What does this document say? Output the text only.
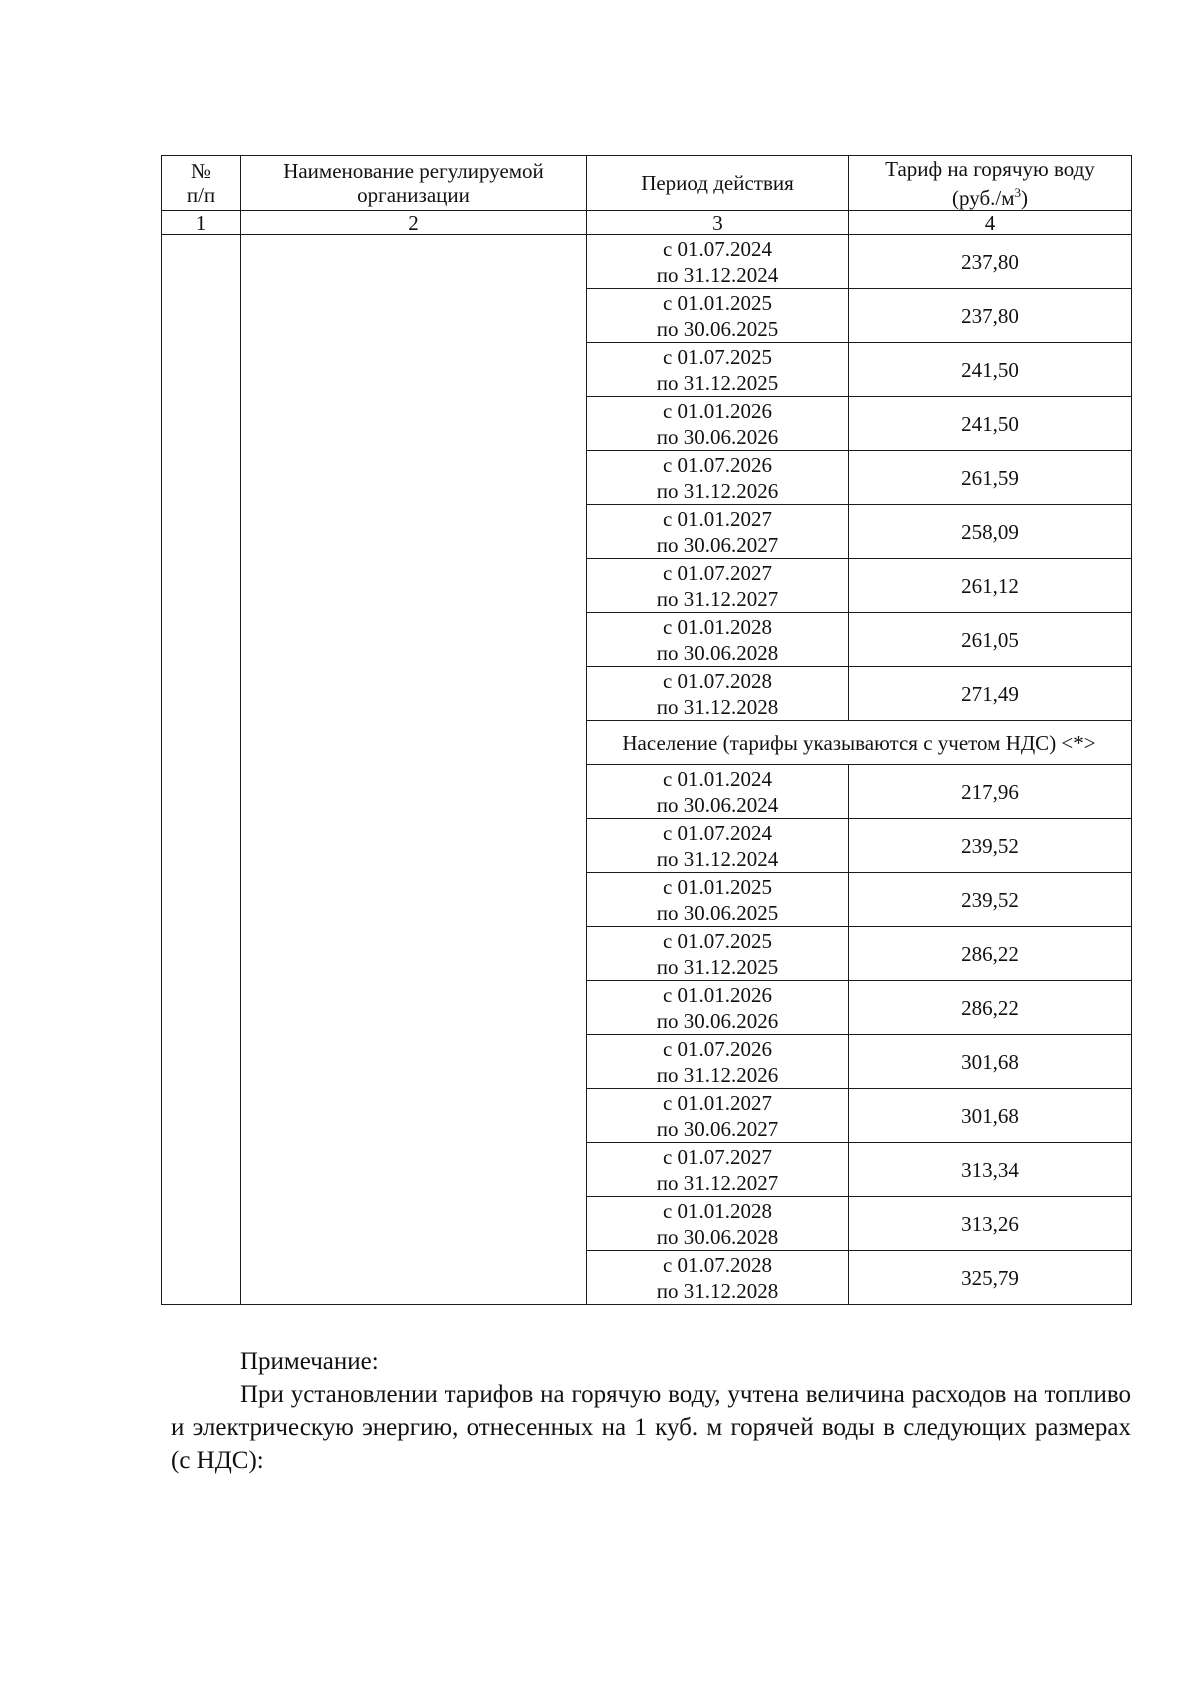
№
п/п	Наименование регулируемой организации	Период действия	Тариф на горячую воду
$(руб./м^3)$
1	2	3	4
		с 01.07.2024
по 31.12.2024	237,80
		с 01.01.2025
по 30.06.2025	237,80
		с 01.07.2025
по 31.12.2025	241,50
		с 01.01.2026
по 30.06.2026	241,50
		с 01.07.2026
по 31.12.2026	261,59
		с 01.01.2027
по 30.06.2027	258,09
		с 01.07.2027
по 31.12.2027	261,12
		с 01.01.2028
по 30.06.2028	261,05
		с 01.07.2028
по 31.12.2028	271,49
		Население (тарифы указываются с учетом НДС) <*>	
		с 01.01.2024
по 30.06.2024	217,96
		с 01.07.2024
по 31.12.2024	239,52
		с 01.01.2025
по 30.06.2025	239,52
		с 01.07.2025
по 31.12.2025	286,22
		с 01.01.2026
по 30.06.2026	286,22
		с 01.07.2026
по 31.12.2026	301,68
		с 01.01.2027
по 30.06.2027	301,68
		с 01.07.2027
по 31.12.2027	313,34
		с 01.01.2028
по 30.06.2028	313,26
		с 01.07.2028
по 31.12.2028	325,79
Примечание:
При установлении тарифов на горячую воду, учтена величина расходов на топливо и электрическую энергию, отнесенных на 1 куб. м горячей воды в следующих размерах (с НДС):
